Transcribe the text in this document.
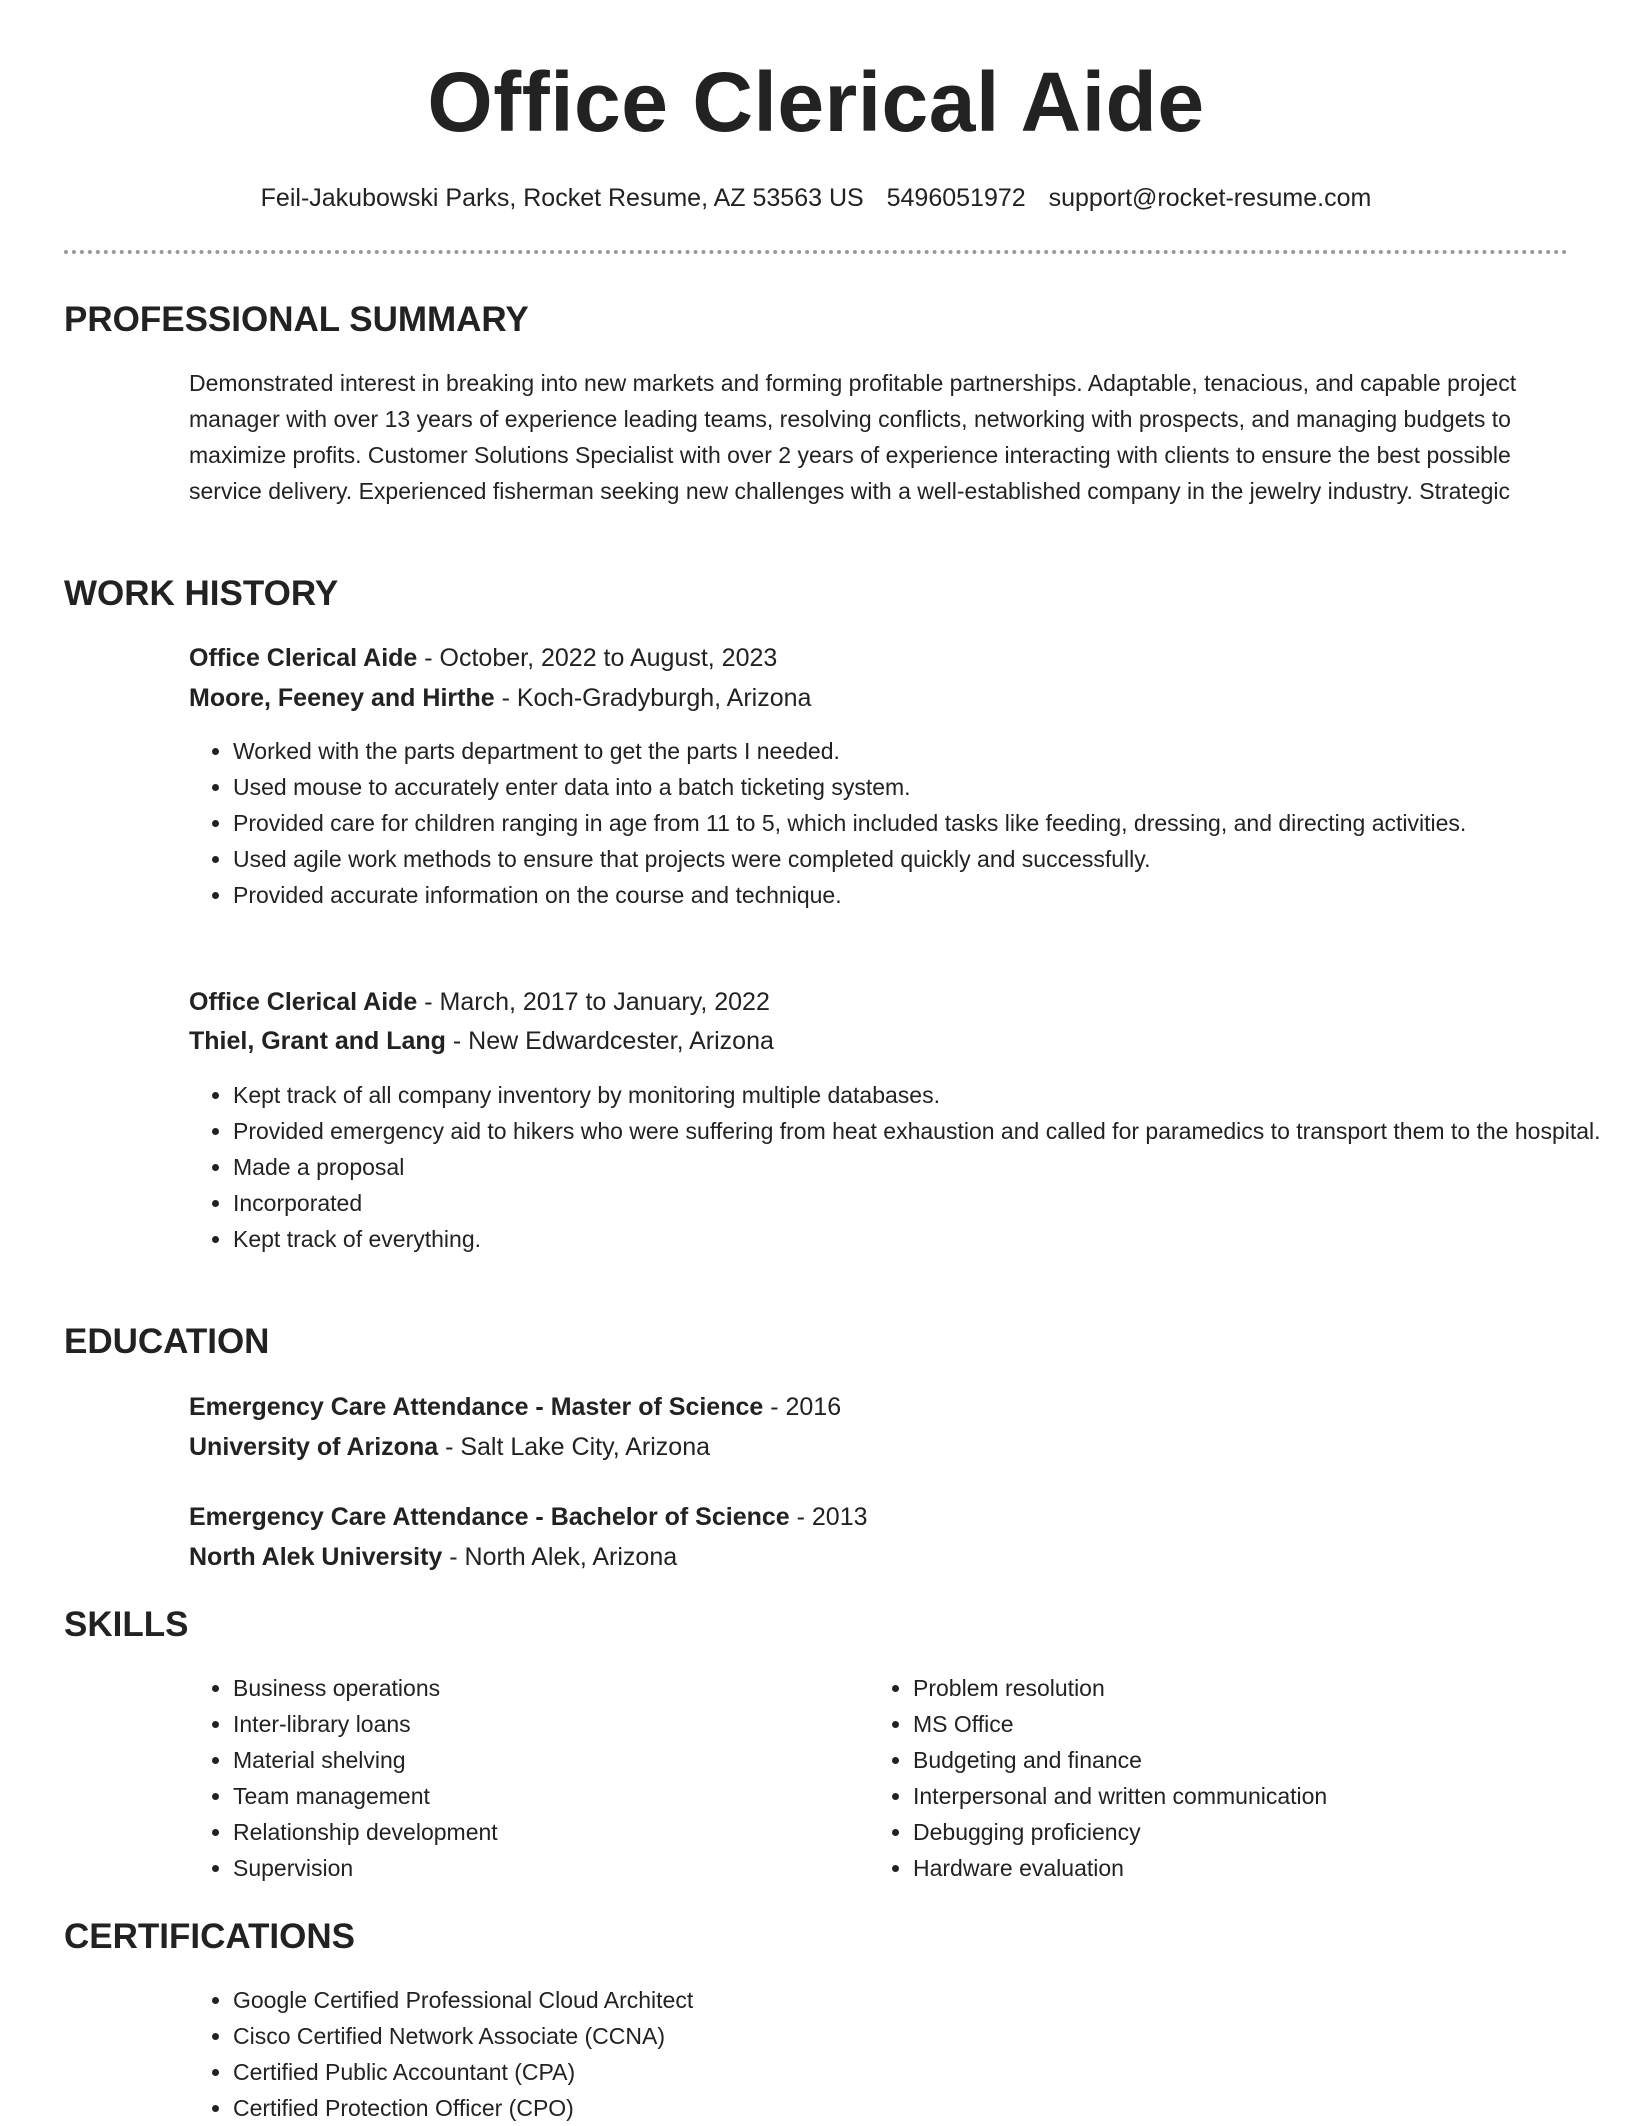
Office Clerical Aide
Feil-Jakubowski Parks, Rocket Resume, AZ 53563 US 5496051972 support@rocket-resume.com
PROFESSIONAL SUMMARY
Demonstrated interest in breaking into new markets and forming profitable partnerships. Adaptable, tenacious, and capable project manager with over 13 years of experience leading teams, resolving conflicts, networking with prospects, and managing budgets to maximize profits. Customer Solutions Specialist with over 2 years of experience interacting with clients to ensure the best possible service delivery. Experienced fisherman seeking new challenges with a well-established company in the jewelry industry. Strategic
WORK HISTORY
Office Clerical Aide - October, 2022 to August, 2023
Moore, Feeney and Hirthe - Koch-Gradyburgh, Arizona
• Worked with the parts department to get the parts I needed.
• Used mouse to accurately enter data into a batch ticketing system.
• Provided care for children ranging in age from 11 to 5, which included tasks like feeding, dressing, and directing activities.
• Used agile work methods to ensure that projects were completed quickly and successfully.
• Provided accurate information on the course and technique.
Office Clerical Aide - March, 2017 to January, 2022
Thiel, Grant and Lang - New Edwardcester, Arizona
• Kept track of all company inventory by monitoring multiple databases.
• Provided emergency aid to hikers who were suffering from heat exhaustion and called for paramedics to transport them to the hospital.
• Made a proposal
• Incorporated
• Kept track of everything.
EDUCATION
Emergency Care Attendance - Master of Science - 2016
University of Arizona - Salt Lake City, Arizona
Emergency Care Attendance - Bachelor of Science - 2013
North Alek University - North Alek, Arizona
SKILLS
• Business operations
• Inter-library loans
• Material shelving
• Team management
• Relationship development
• Supervision
• Problem resolution
• MS Office
• Budgeting and finance
• Interpersonal and written communication
• Debugging proficiency
• Hardware evaluation
CERTIFICATIONS
• Google Certified Professional Cloud Architect
• Cisco Certified Network Associate (CCNA)
• Certified Public Accountant (CPA)
• Certified Protection Officer (CPO)
